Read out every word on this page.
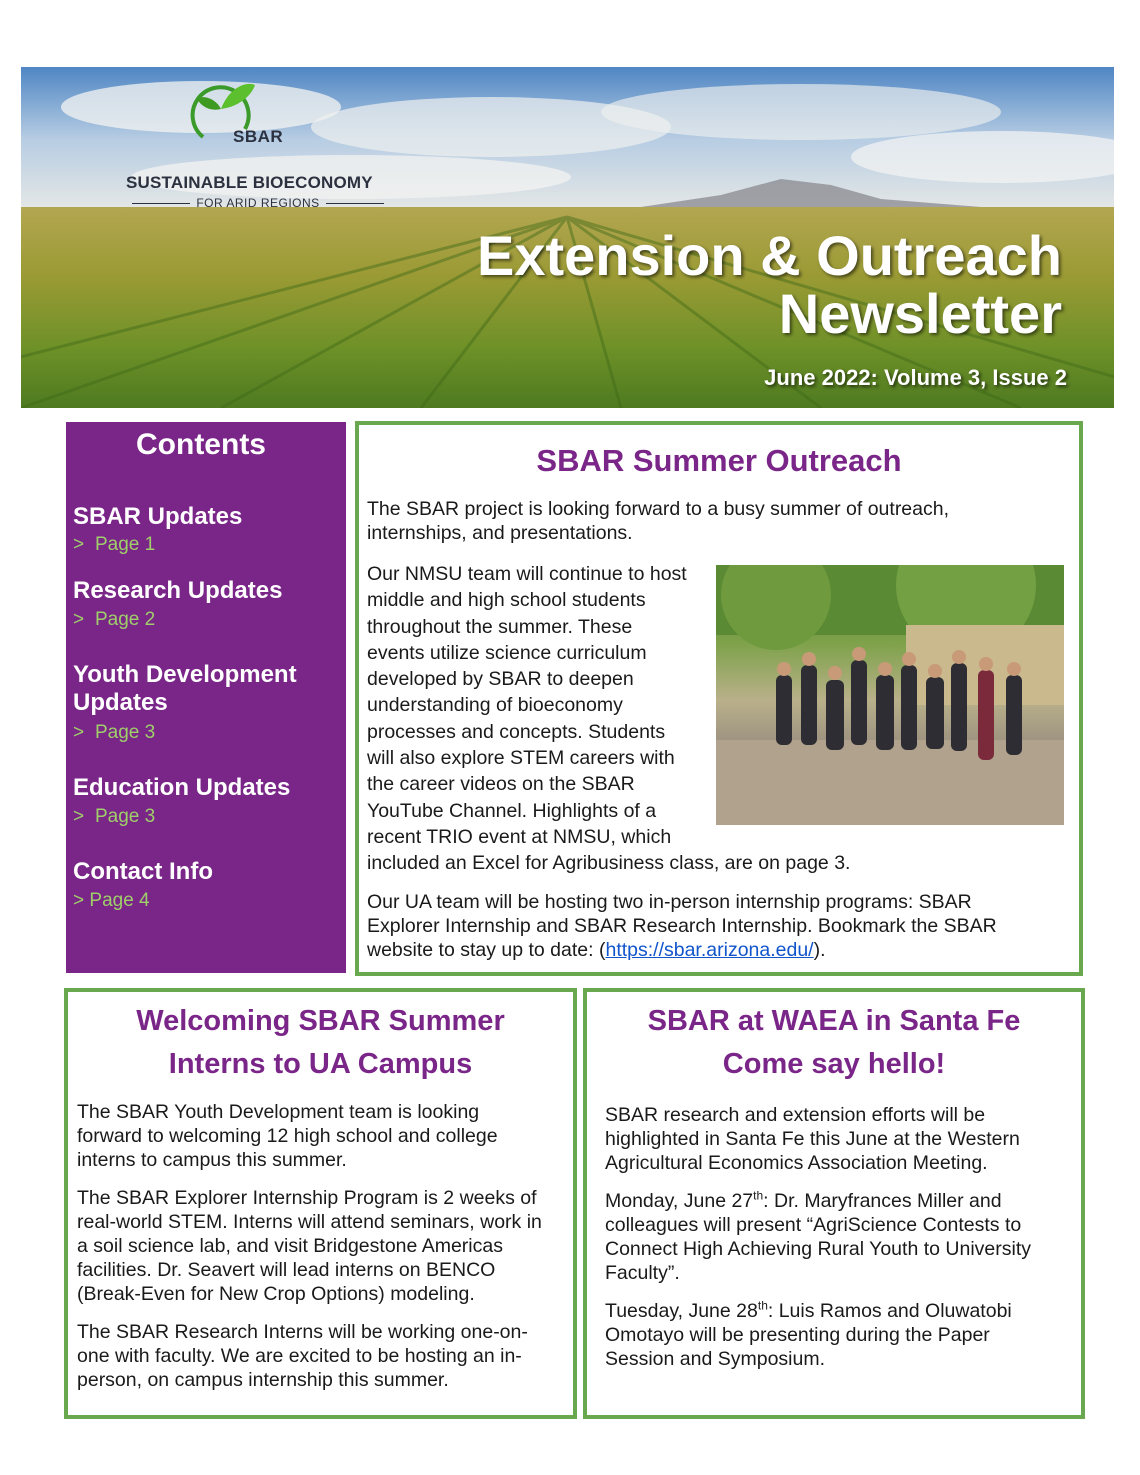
SBAR
SUSTAINABLE BIOECONOMY
FOR ARID REGIONS
Extension & Outreach
Newsletter
June 2022: Volume 3, Issue 2
Contents
SBAR Updates
> Page 1
Research Updates
> Page 2
Youth Development
Updates
> Page 3
Education Updates
> Page 3
Contact Info
> Page 4
SBAR Summer Outreach

The SBAR project is looking forward to a busy summer of outreach,

internships, and presentations.

Our NMSU team will continue to host

middle and high school students

throughout the summer. These

events utilize science curriculum

developed by SBAR to deepen

understanding of bioeconomy

processes and concepts. Students

will also explore STEM careers with

the career videos on the SBAR

YouTube Channel. Highlights of a

recent TRIO event at NMSU, which

included an Excel for Agribusiness class, are on page 3.

Our UA team will be hosting two in-person internship programs: SBAR

Explorer Internship and SBAR Research Internship. Bookmark the SBAR

website to stay up to date: (https://sbar.arizona.edu/).

Welcoming SBAR Summer
Interns to UA Campus

The SBAR Youth Development team is looking

forward to welcoming 12 high school and college

interns to campus this summer.

The SBAR Explorer Internship Program is 2 weeks of

real-world STEM. Interns will attend seminars, work in

a soil science lab, and visit Bridgestone Americas

facilities. Dr. Seavert will lead interns on BENCO

(Break-Even for New Crop Options) modeling.

The SBAR Research Interns will be working one-on-

one with faculty. We are excited to be hosting an in-

person, on campus internship this summer.

SBAR at WAEA in Santa Fe
Come say hello!

SBAR research and extension efforts will be

highlighted in Santa Fe this June at the Western

Agricultural Economics Association Meeting.

Monday, June 27th: Dr. Maryfrances Miller and

colleagues will present “AgriScience Contests to

Connect High Achieving Rural Youth to University

Faculty”.

Tuesday, June 28th: Luis Ramos and Oluwatobi

Omotayo will be presenting during the Paper

Session and Symposium.
